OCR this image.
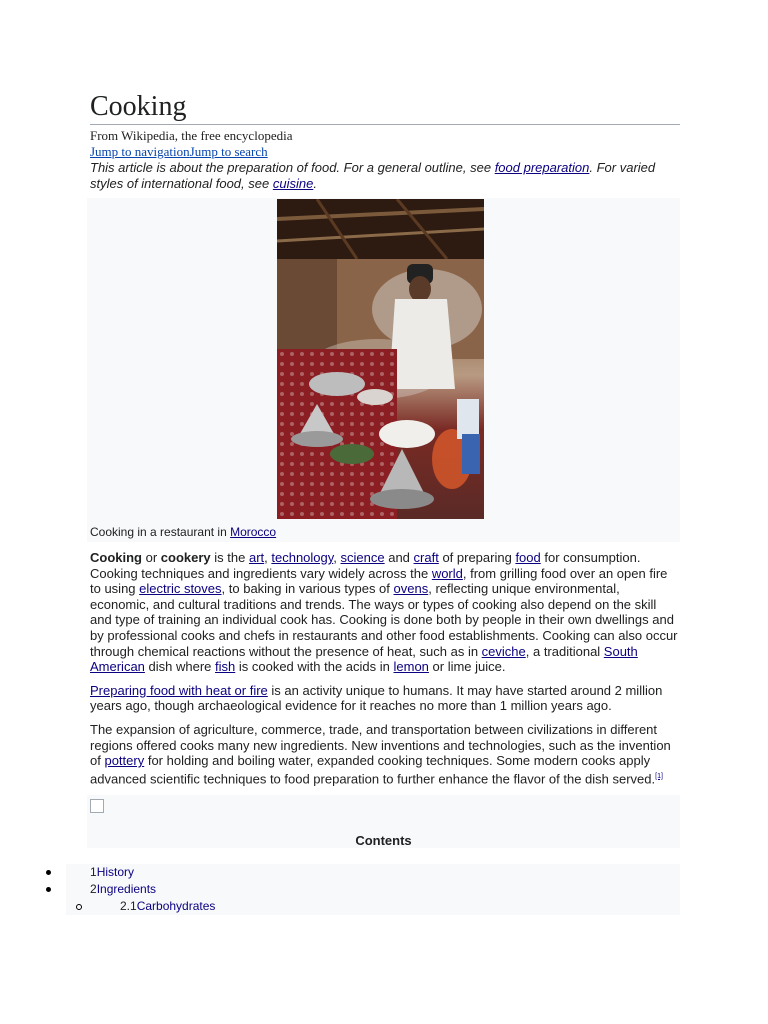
Cooking
From Wikipedia, the free encyclopedia
Jump to navigationJump to search
This article is about the preparation of food. For a general outline, see food preparation. For varied styles of international food, see cuisine.
Cooking in a restaurant in Morocco

Cooking or cookery is the art, technology, science and craft of preparing food for consumption. Cooking techniques and ingredients vary widely across the world, from grilling food over an open fire to using electric stoves, to baking in various types of ovens, reflecting unique environmental, economic, and cultural traditions and trends. The ways or types of cooking also depend on the skill and type of training an individual cook has. Cooking is done both by people in their own dwellings and by professional cooks and chefs in restaurants and other food establishments. Cooking can also occur through chemical reactions without the presence of heat, such as in ceviche, a traditional South American dish where fish is cooked with the acids in lemon or lime juice.

Preparing food with heat or fire is an activity unique to humans. It may have started around 2 million years ago, though archaeological evidence for it reaches no more than 1 million years ago.

The expansion of agriculture, commerce, trade, and transportation between civilizations in different regions offered cooks many new ingredients. New inventions and technologies, such as the invention of pottery for holding and boiling water, expanded cooking techniques. Some modern cooks apply advanced scientific techniques to food preparation to further enhance the flavor of the dish served.[1]

Contents
1History
2Ingredients
2.1Carbohydrates
